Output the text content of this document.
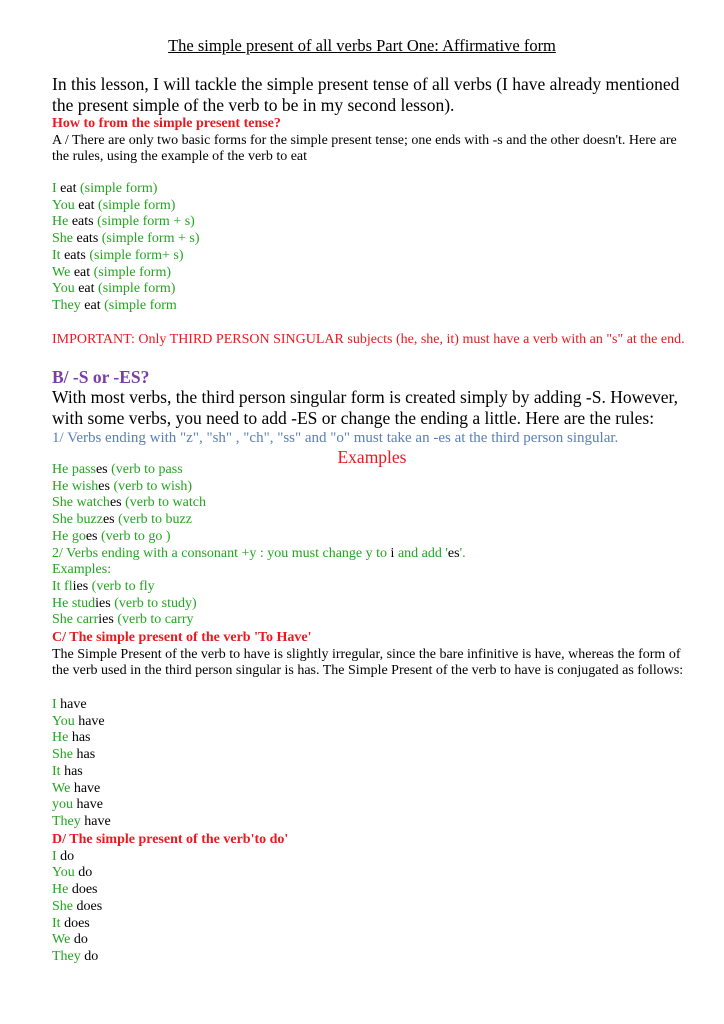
The simple present of all verbs Part One: Affirmative form
In this lesson, I will tackle the simple present tense of all verbs (I have already mentioned the present simple of the verb to be in my second lesson).
How to from the simple present tense?
A / There are only two basic forms for the simple present tense; one ends with -s and the other doesn't. Here are the rules, using the example of the verb to eat
I eat (simple form)
You eat (simple form)
He eats (simple form + s)
She eats (simple form + s)
It eats (simple form+ s)
We eat (simple form)
You eat (simple form)
They eat (simple form
IMPORTANT: Only THIRD PERSON SINGULAR subjects (he, she, it) must have a verb with an "s" at the end.
B/ -S or -ES?
With most verbs, the third person singular form is created simply by adding -S. However, with some verbs, you need to add -ES or change the ending a little. Here are the rules:
1/ Verbs ending with "z", "sh" , "ch", "ss" and "o" must take an -es at the third person singular.
Examples
He passes (verb to pass
He wishes (verb to wish)
She watches (verb to watch
She buzzes (verb to buzz
He goes (verb to go )
2/ Verbs ending with a consonant +y : you must change y to i and add 'es'.
Examples:
It flies (verb to fly
He studies (verb to study)
She carries (verb to carry
C/ The simple present of the verb 'To Have'
The Simple Present of the verb to have is slightly irregular, since the bare infinitive is have, whereas the form of the verb used in the third person singular is has. The Simple Present of the verb to have is conjugated as follows:
I have
You have
He has
She has
It has
We have
you have
They have
D/ The simple present of the verb'to do'
I do
You do
He does
She does
It does
We do
They do
